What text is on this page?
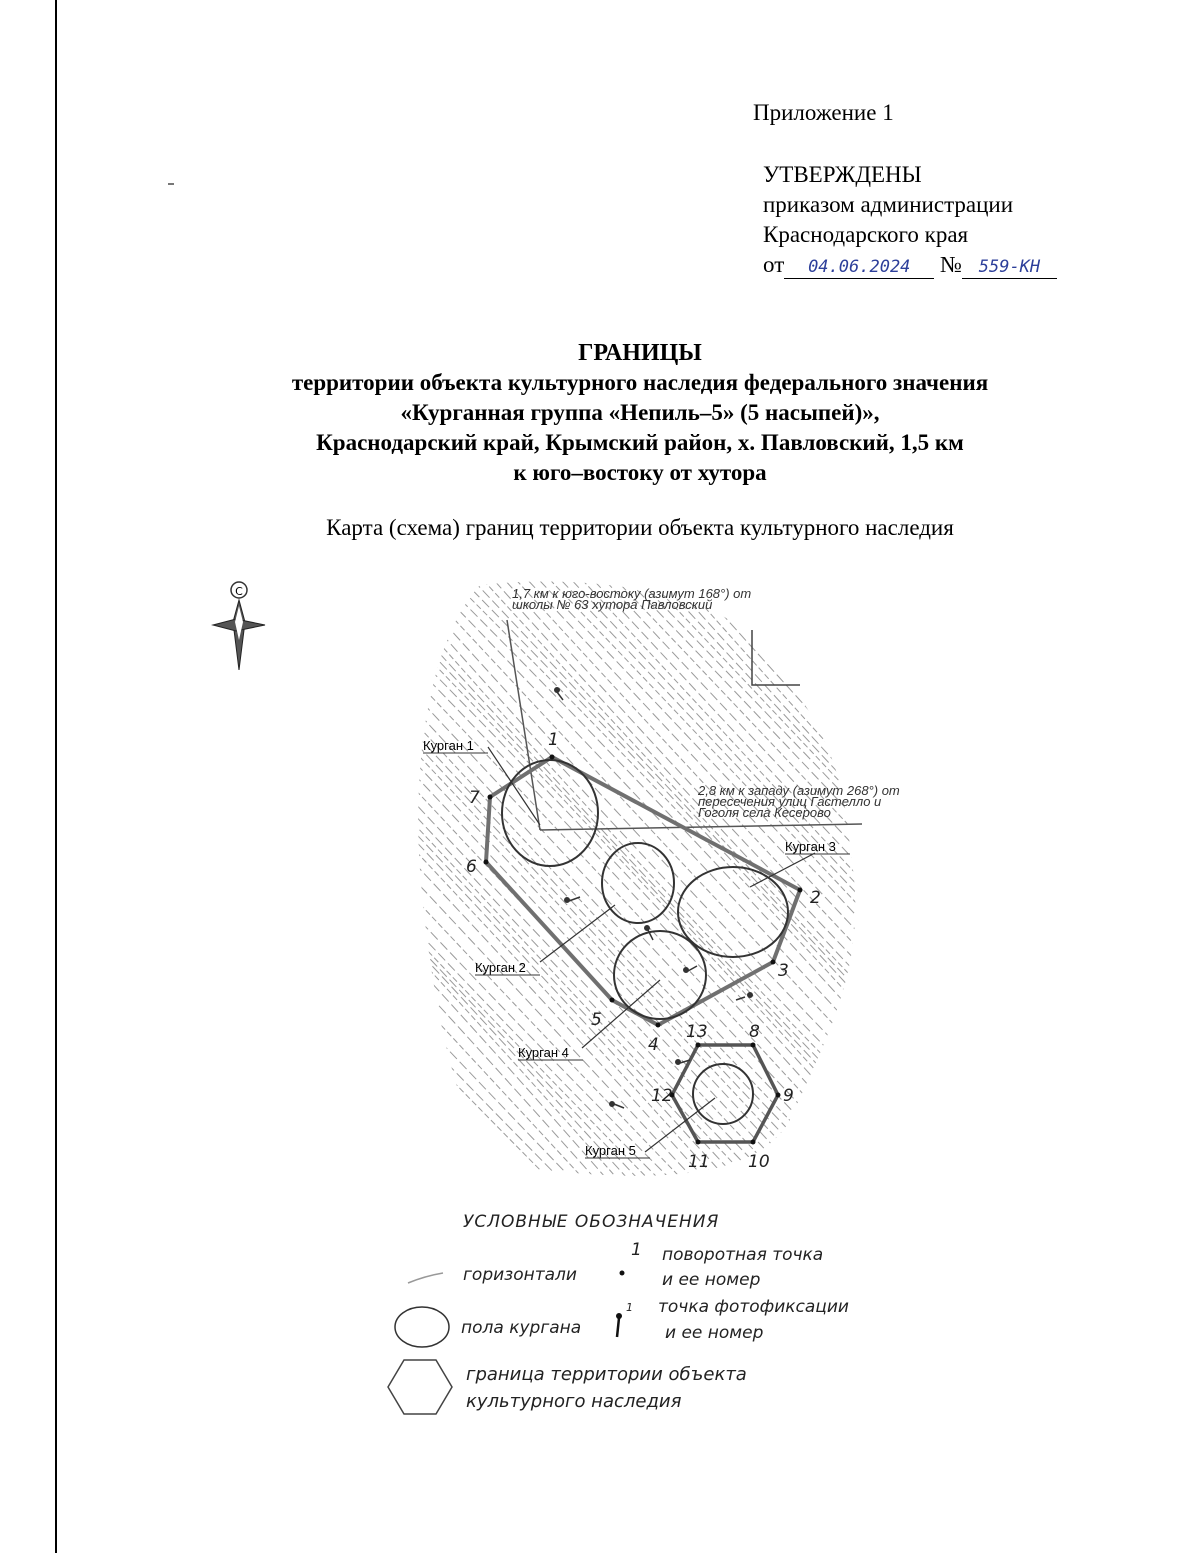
Приложение 1
УТВЕРЖДЕНЫ
приказом администрации
Краснодарского края
от 04.06.2024 № 559-КН
ГРАНИЦЫ
территории объекта культурного наследия федерального значения
«Курганная группа «Непиль–5» (5 насыпей)»,
Краснодарский край, Крымский район, х. Павловский, 1,5 км
к юго–востоку от хутора
Карта (схема) границ территории объекта культурного наследия
С	1,7 км к юго-востоку (азимут 168°) от школы № 63 хутора Павловский
2,8 км к западу (азимут 268°) от пересечения улиц Гастелло и Гоголя села Кесерово
Курган 1
Курган 2
Курган 3
Курган 4
Курган 5
1
2
3
4
5
6
7
8
9
10
11
12
13
УСЛОВНЫЕ ОБОЗНАЧЕНИЯ
1 поворотная точка
и ее номер
горизонтали
1 точка фотофиксации
и ее номер
пола кургана
граница территории объекта
культурного наследия
